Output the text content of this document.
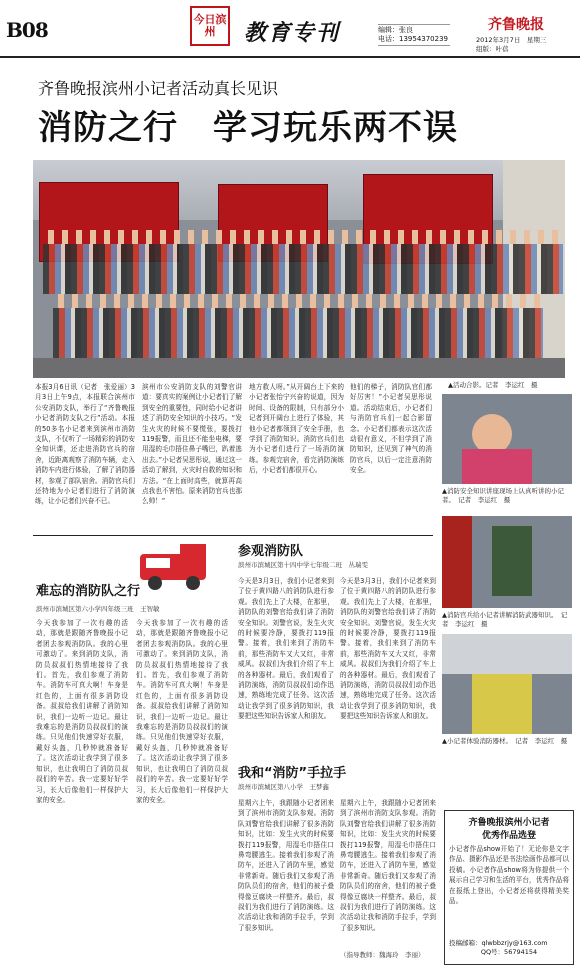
B08	今日滨州	教育专刊	编辑：张良
电话：13954370239
齐鲁晚报
2012年3月7日　星期三
组版：叶蓓
齐鲁晚报滨州小记者活动真长见识
消防之行　学习玩乐两不误
本报3月6日讯（记者　张爱丽）3月3日上午9点，本报联合滨州市公安消防支队，举行了“齐鲁晚报小记者消防支队之行”活动。本报的50多名小记者来到滨州市消防支队，不仅听了一场精彩的消防安全知识课，还走进消防官兵的宿舍，近距离观察了消防车辆，走入消防车内进行体验，了解了消防器材，参观了部队宿舍。消防官兵们还特地为小记者们进行了消防演练，让小记者们兴奋不已。
滨州市公安消防支队的刘警官讲道：要真实的案例让小记者们了解到安全的重要性，同时给小记者讲述了消防安全知识的小技巧。“发生火灾的时候不要慌张，要拨打119报警，而且还不能坐电梯，要用湿的毛巾捂住鼻子嘴巴，趴着逃出去。”小记者吴思彤说，通过这一活动了解到，火灾时自救的知识和方法。“在上面时高些，就算再高点我也不害怕。原来消防官兵也那么帅！”
地方救人呀。”从开阔台上下来的小记者张怡宁兴奋的说道，因为时间、设备的限制，只有部分小记者到开阔台上进行了体验，其他小记者都领到了安全手册，也学到了消防知识。消防官兵们也为小记者们进行了一场消防演练。参观完宿舍，看完消防演练后，小记者们都很开心。
他们的梯子，消防队官们都好厉害！”小记者吴思彤说道。活动结束后，小记者们与消防官兵们一起合影留念。小记者们都表示这次活动很有意义，不但学到了消防知识，还见到了神气的消防官兵，以后一定注意消防安全。
▲活动合影。记者　李运红　摄
▲消防安全知识讲座现场上认真听讲的小记者。　记者　李运红　摄
▲消防官兵给小记者讲解消防武器知识。　记者　李运红　摄
▲小记者体验消防器材。　记者　李运红　摄
难忘的消防队之行
滨州市滨城区第六小学四年级三班　王智敏
今天我参加了一次有趣的活动，那就是跟随齐鲁晚报小记者团去参观消防队。我的心里可激动了。来到消防支队，消防员叔叔们热情地接待了我们。首先，我们参观了消防车。消防车可真大啊！车身是红色的，上面有很多消防设备。叔叔给我们讲解了消防知识，我们一边听一边记。最让我难忘的是消防员叔叔们的演练。只见他们快速穿好衣服，戴好头盔，几秒钟就准备好了。这次活动让我学到了很多知识，也让我明白了消防员叔叔们的辛苦。我一定要好好学习，长大后像他们一样保护大家的安全。
今天我参加了一次有趣的活动，那就是跟随齐鲁晚报小记者团去参观消防队。我的心里可激动了。来到消防支队，消防员叔叔们热情地接待了我们。首先，我们参观了消防车。消防车可真大啊！车身是红色的，上面有很多消防设备。叔叔给我们讲解了消防知识，我们一边听一边记。最让我难忘的是消防员叔叔们的演练。只见他们快速穿好衣服，戴好头盔，几秒钟就准备好了。这次活动让我学到了很多知识，也让我明白了消防员叔叔们的辛苦。我一定要好好学习，长大后像他们一样保护大家的安全。
参观消防队
滨州市滨城区第十四中学七年级二班　丛瑞雯
今天是3月3日，我们小记者来到了位于黄四路八的消防队进行参观。我们先上了大楼，在那里，消防队的刘警官给我们讲了消防安全知识。刘警官说，发生火灾的时候要冷静，要拨打119报警。接着，我们来到了消防车前，那些消防车又大又红，非常威风。叔叔们为我们介绍了车上的各种器材。最后，我们观看了消防演练，消防员叔叔们动作迅速，熟练地完成了任务。这次活动让我学到了很多消防知识，我要把这些知识告诉家人和朋友。
今天是3月3日，我们小记者来到了位于黄四路八的消防队进行参观。我们先上了大楼，在那里，消防队的刘警官给我们讲了消防安全知识。刘警官说，发生火灾的时候要冷静，要拨打119报警。接着，我们来到了消防车前，那些消防车又大又红，非常威风。叔叔们为我们介绍了车上的各种器材。最后，我们观看了消防演练，消防员叔叔们动作迅速，熟练地完成了任务。这次活动让我学到了很多消防知识，我要把这些知识告诉家人和朋友。
我和“消防”手拉手
滨州市滨城区第八小学　王梦鑫
星期六上午，我跟随小记者团来到了滨州市消防支队参观。消防队刘警官给我们讲解了很多消防知识，比如：发生火灾的时候要拨打119报警，用湿毛巾捂住口鼻弯腰逃生。接着我们参观了消防车，还进入了消防车里，感觉非常新奇。随后我们又参观了消防队员们的宿舍，他们的被子叠得像豆腐块一样整齐。最后，叔叔们为我们进行了消防演练。这次活动让我和消防手拉手，学到了很多知识。
星期六上午，我跟随小记者团来到了滨州市消防支队参观。消防队刘警官给我们讲解了很多消防知识，比如：发生火灾的时候要拨打119报警，用湿毛巾捂住口鼻弯腰逃生。接着我们参观了消防车，还进入了消防车里，感觉非常新奇。随后我们又参观了消防队员们的宿舍，他们的被子叠得像豆腐块一样整齐。最后，叔叔们为我们进行了消防演练。这次活动让我和消防手拉手，学到了很多知识。
（指导教师：魏海玲　李丽）
齐鲁晚报滨州小记者
优秀作品选登
小记者作品show开始了！无论你是文字作品、摄影作品还是书法绘画作品都可以投稿。小记者作品show将为你提供一个展示自己学习和生活的平台，优秀作品将在报纸上登出，小记者还将获得精美奖品。
投稿邮箱：qlwbbzrjy@163.com
QQ号：56794154
